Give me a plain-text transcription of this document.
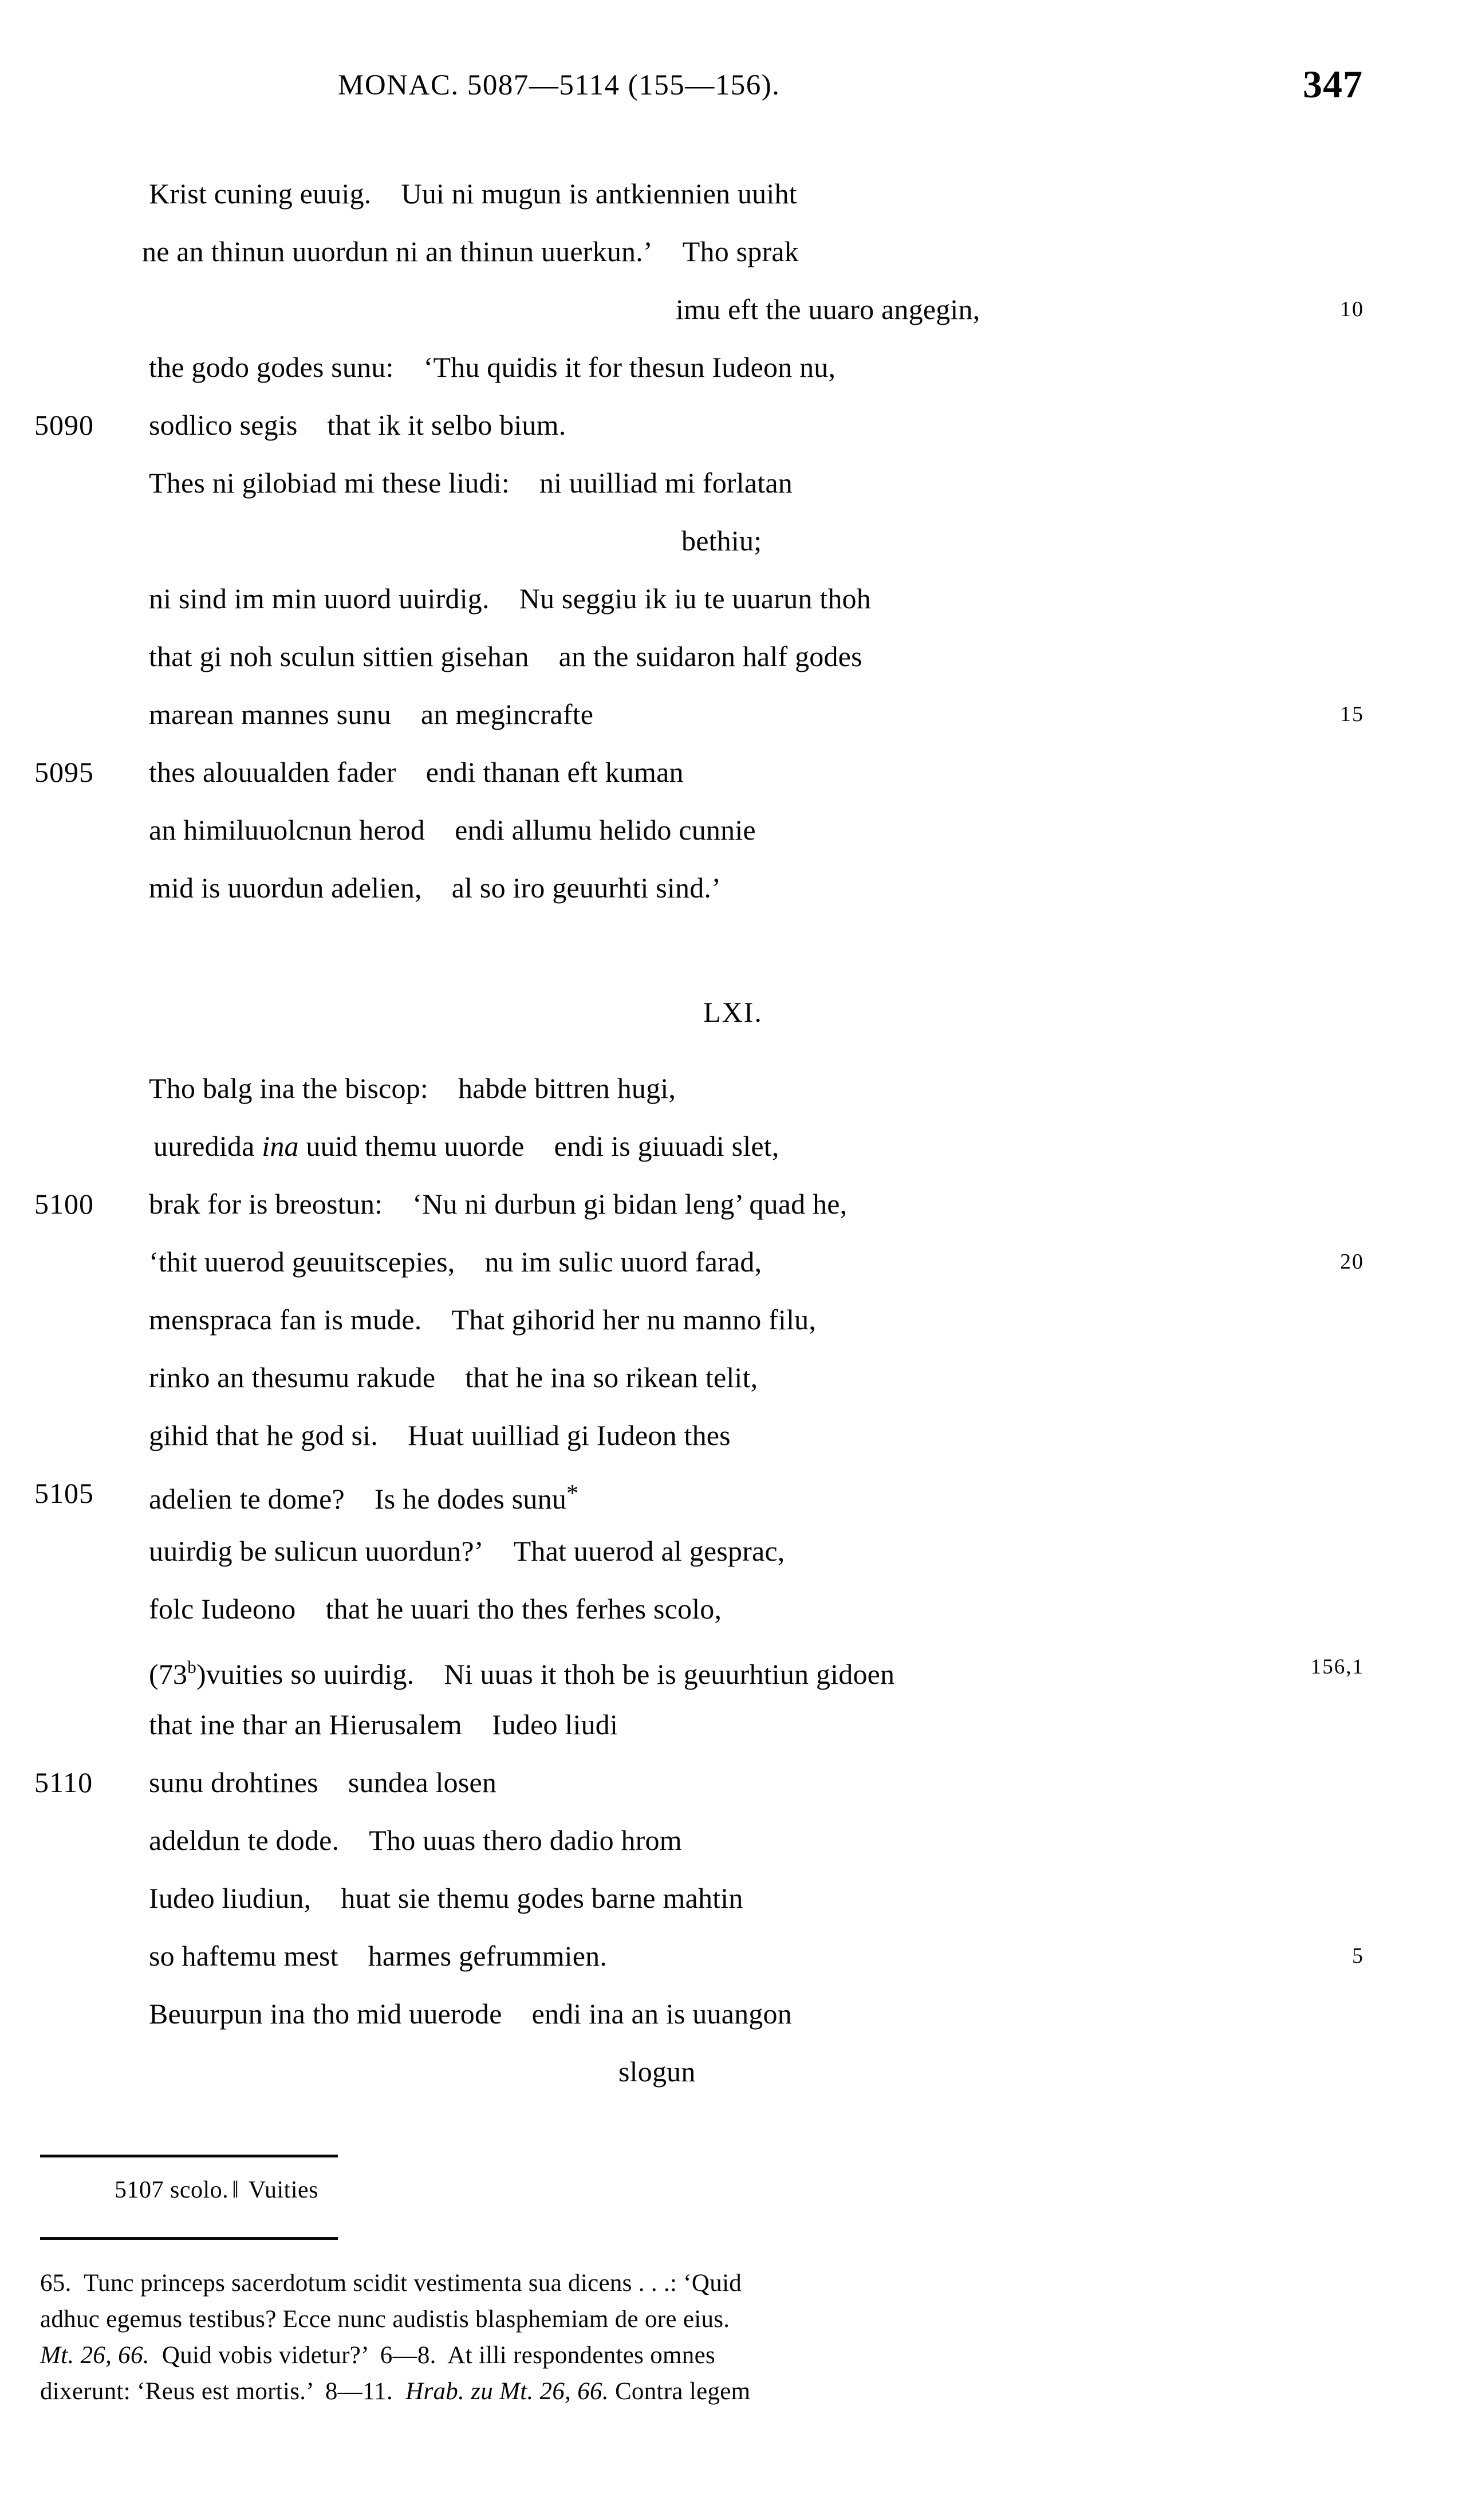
MONAC. 5087—5114 (155—156).	347
Krist cuning euuig. Uui ni mugun is antkiennien uuiht
ne an thinun uuordun ni an thinun uuerkun.’ Tho sprak
imu eft the uuaro angegin,	10
the godo godes sunu: ‘Thu quidis it for thesun Iudeon nu,
5090	sodlico segis that ik it selbo bium.
Thes ni gilobiad mi these liudi: ni uuilliad mi forlatan
bethiu;
ni sind im min uuord uuirdig. Nu seggiu ik iu te uuarun thoh
that gi noh sculun sittien gisehan an the suidaron half godes
marean mannes sunu an megincrafte	15
5095	thes alouualden fader endi thanan eft kuman
an himiluuolcnun herod endi allumu helido cunnie
mid is uuordun adelien, al so iro geuurhti sind.’
LXI.
Tho balg ina the biscop: habde bittren hugi,
uuredida ina uuid themu uuorde endi is giuuadi slet,
5100	brak for is breostun: ‘Nu ni durbun gi bidan leng’ quad he,
‘thit uuerod geuuitscepies, nu im sulic uuord farad,	20
menspraca fan is mude. That gihorid her nu manno filu,
rinko an thesumu rakude that he ina so rikean telit,
gihid that he god si. Huat uuilliad gi Iudeon thes
5105	adelien te dome? Is he dodes sunu*
uuirdig be sulicun uuordun?’ That uuerod al gesprac,
folc Iudeono that he uuari tho thes ferhes scolo,
(73$^b$)vuities so uuirdig. Ni uuas it thoh be is geuurhtiun gidoen	156,1
that ine thar an Hierusalem Iudeo liudi
5110	sunu drohtines sundea losen
adeldun te dode. Tho uuas thero dadio hrom
Iudeo liudiun, huat sie themu godes barne mahtin
so haftemu mest harmes gefrummien.	5
Beuurpun ina tho mid uuerode endi ina an is uuangon
slogun
5107 scolo. ‖ Vuities
65.  Tunc princeps sacerdotum scidit vestimenta sua dicens . . .: ‘Quid
adhuc egemus testibus? Ecce nunc audistis blasphemiam de ore eius.
Mt. 26, 66.  Quid vobis videtur?’  6—8.  At illi respondentes omnes
dixerunt: ‘Reus est mortis.’  8—11.  Hrab. zu Mt. 26, 66. Contra legem
